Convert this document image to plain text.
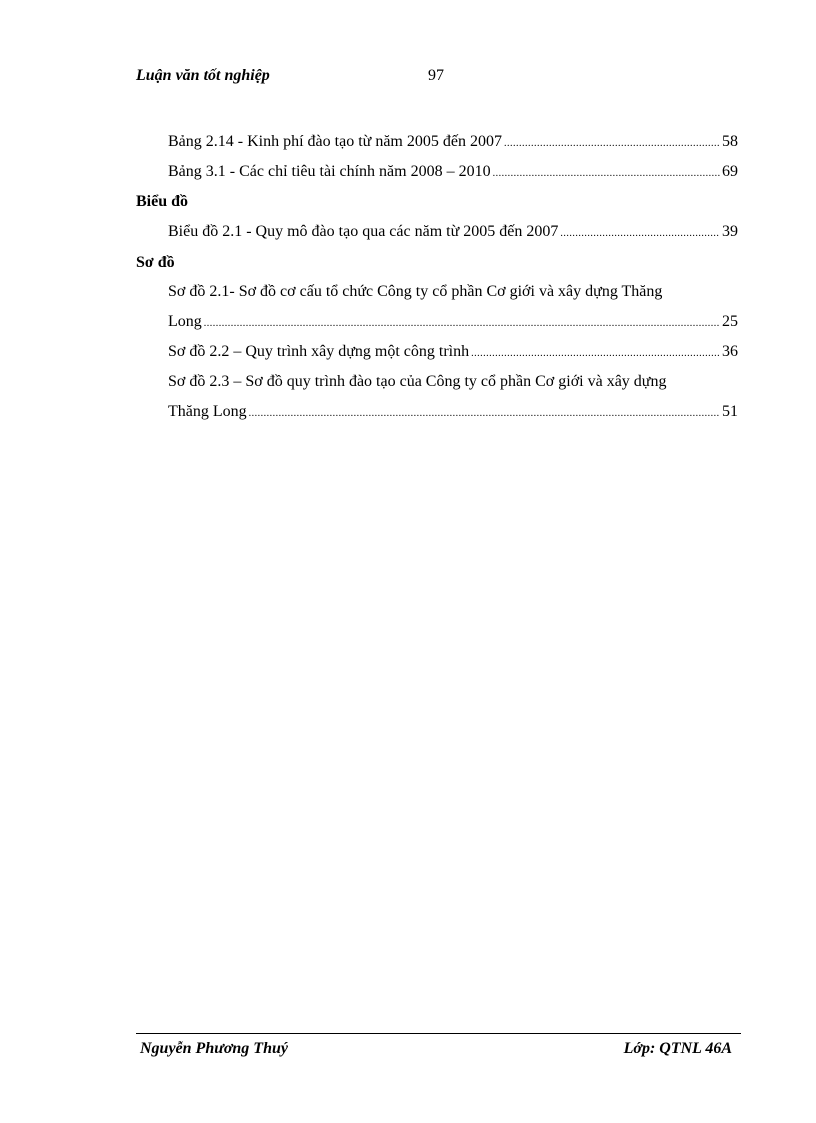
Luận văn tốt nghiệp	97
Bảng 2.14 - Kinh phí đào tạo từ năm 2005 đến 2007 .....	58
Bảng 3.1 - Các chỉ tiêu tài chính năm 2008 – 2010 .....	69
Biểu đồ
Biểu đồ 2.1 - Quy mô đào tạo qua các năm từ 2005 đến 2007 .....	39
Sơ đồ
Sơ đồ 2.1- Sơ đồ cơ cấu tổ chức Công ty cổ phần Cơ giới và xây dựng Thăng
Long .....	25
Sơ đồ 2.2 – Quy trình xây dựng một công trình .....	36
Sơ đồ 2.3 – Sơ đồ quy trình đào tạo của Công ty cổ phần Cơ giới và xây dựng
Thăng Long .....	51
Nguyễn Phương Thuý	Lớp: QTNL 46A
